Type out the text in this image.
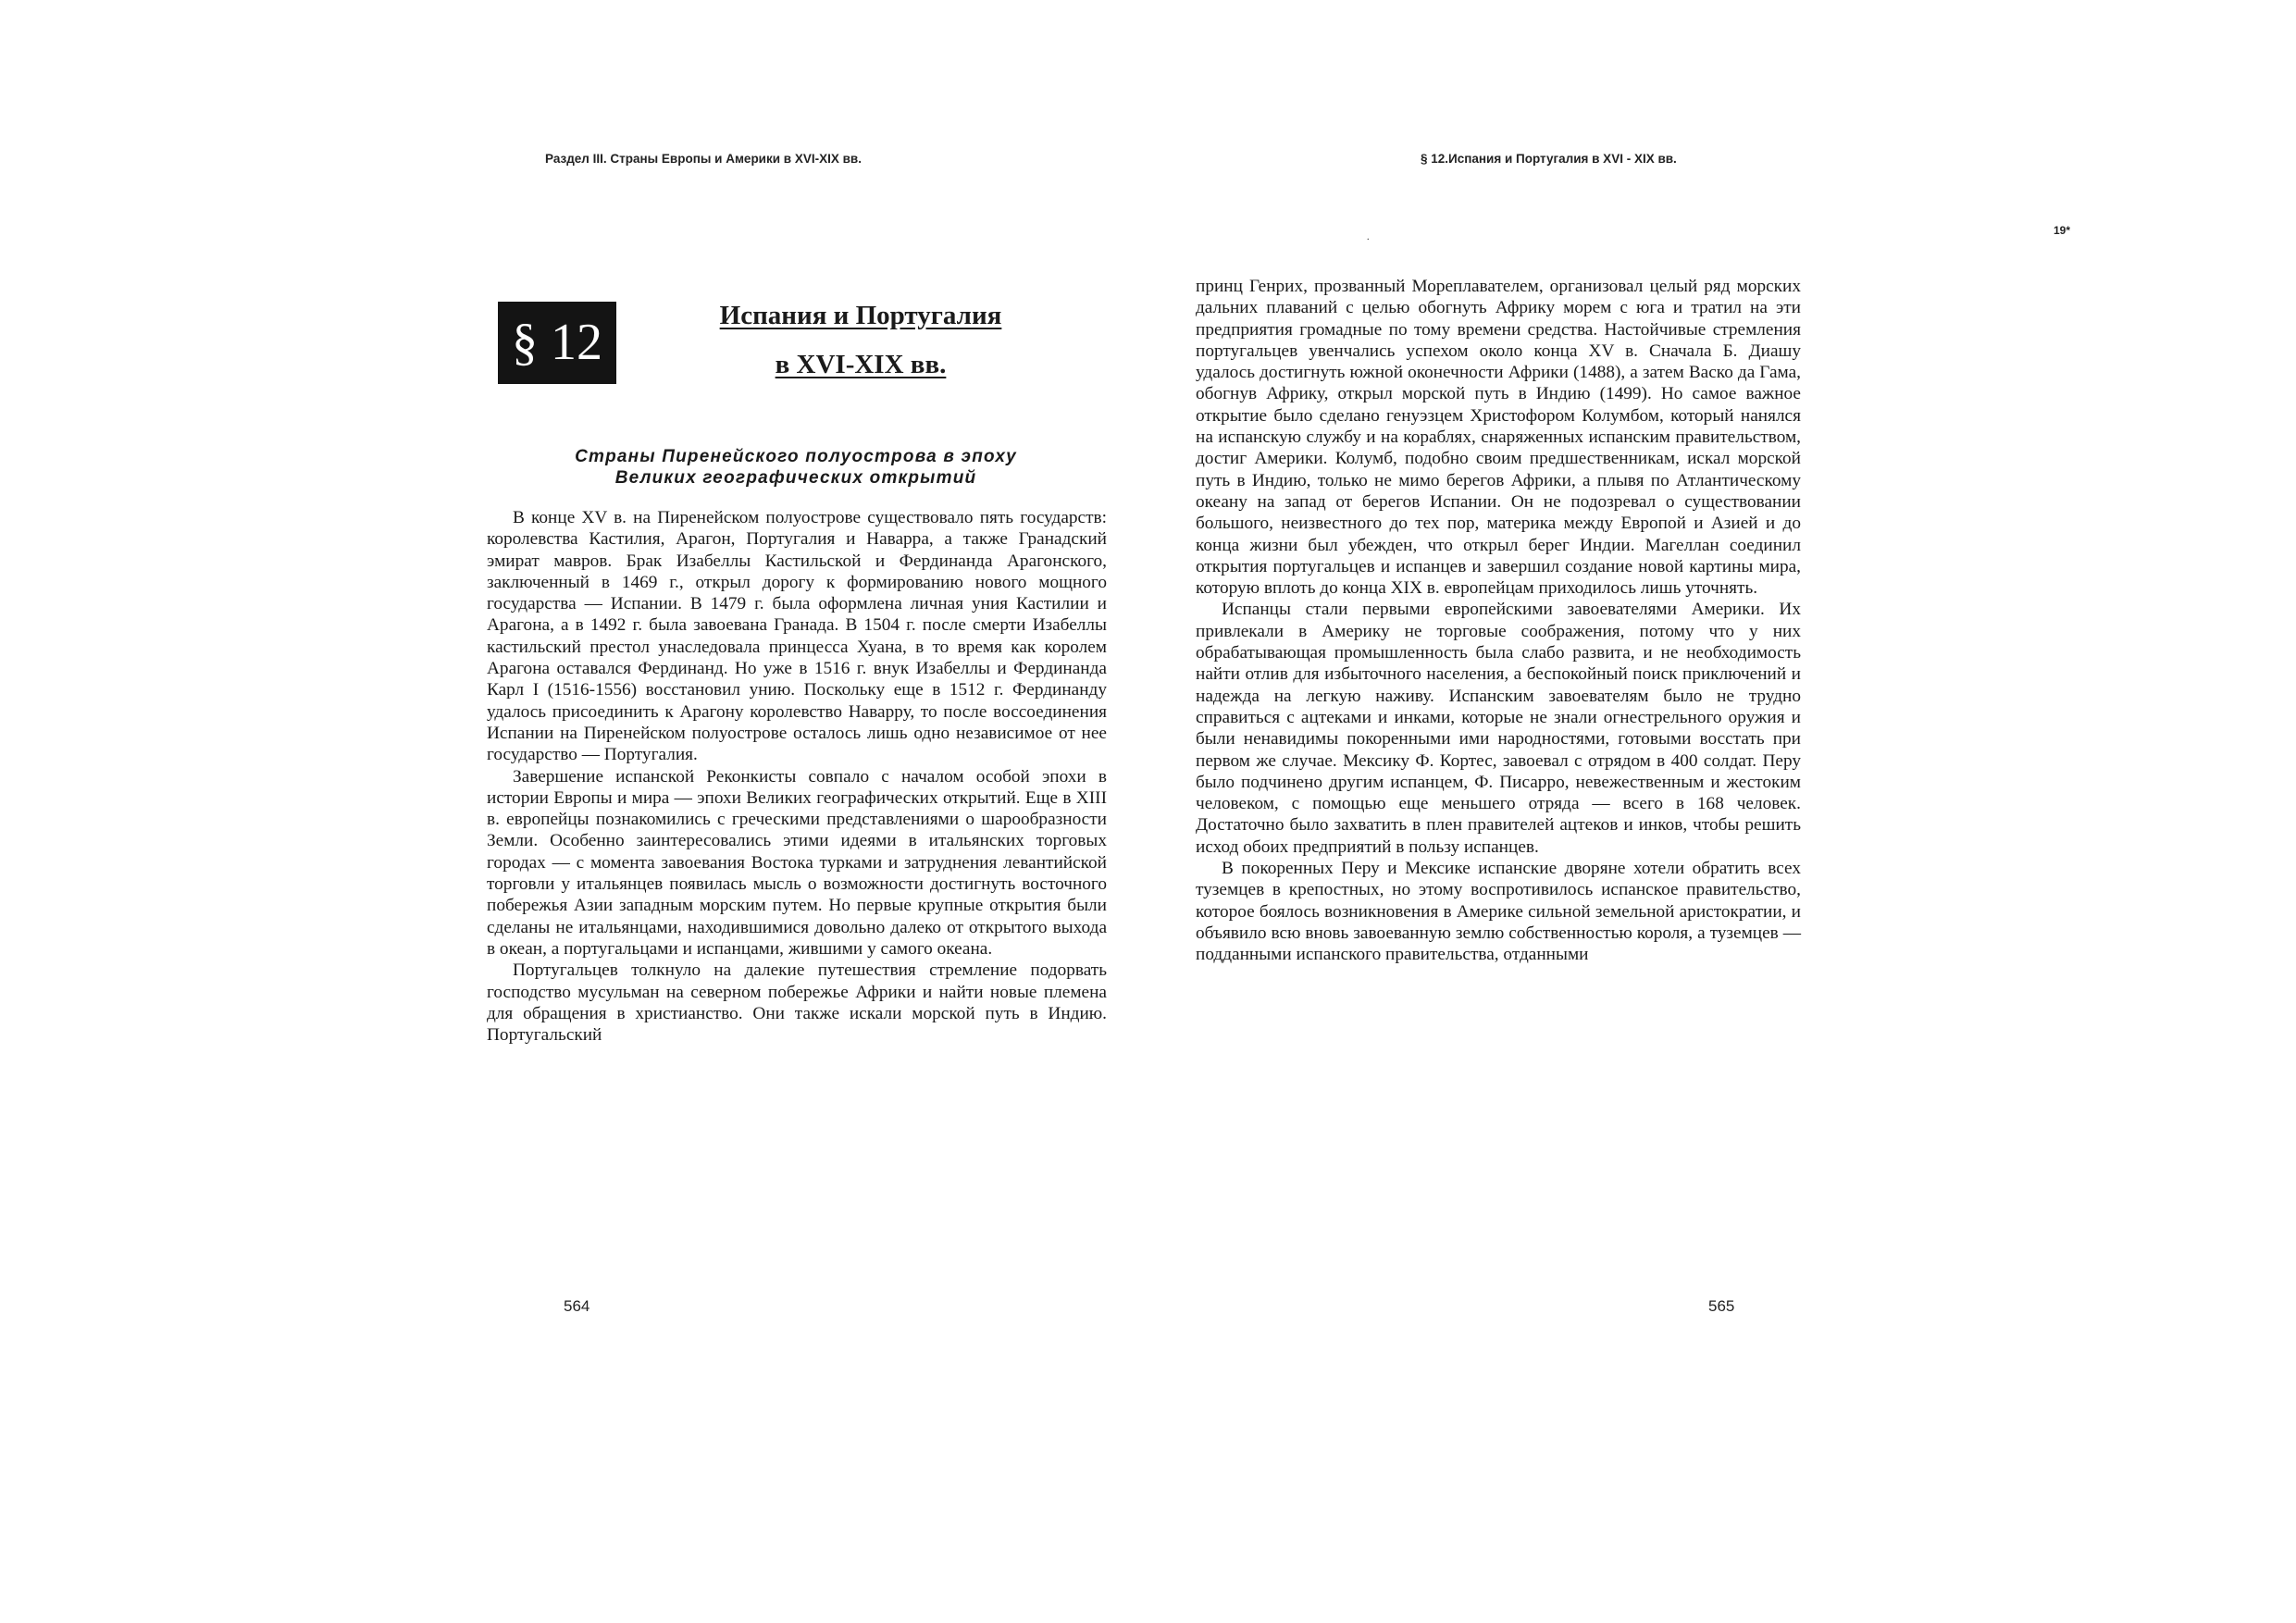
Раздел III. Страны Европы и Америки в XVI-XIX вв.	§ 12.Испания и Португалия в XVI - XIX вв.
19*
.
§ 12	Испания и Португалия
в XVI-XIX вв.
Страны Пиренейского полуострова в эпоху
Великих географических открытий

В конце XV в. на Пиренейском полуострове существовало пять государств: королевства Кастилия, Арагон, Португалия и Наварра, а также Гранадский эмират мавров. Брак Изабеллы Кастильской и Фердинанда Арагонского, заключенный в 1469 г., открыл дорогу к формированию нового мощного государства — Испании. В 1479 г. была оформлена личная уния Кастилии и Арагона, а в 1492 г. была завоевана Гранада. В 1504 г. после смерти Изабеллы кастильский престол унаследовала принцесса Хуана, в то время как королем Арагона оставался Фердинанд. Но уже в 1516 г. внук Изабеллы и Фердинанда Карл I (1516-1556) восстановил унию. Поскольку еще в 1512 г. Фердинанду удалось присоединить к Арагону королевство Наварру, то после воссоединения Испании на Пиренейском полуострове осталось лишь одно независимое от нее государство — Португалия.

Завершение испанской Реконкисты совпало с началом особой эпохи в истории Европы и мира — эпохи Великих географических открытий. Еще в XIII в. европейцы познакомились с греческими представлениями о шарообразности Земли. Особенно заинтересовались этими идеями в итальянских торговых городах — с момента завоевания Востока турками и затруднения левантийской торговли у итальянцев появилась мысль о возможности достигнуть восточного побережья Азии западным морским путем. Но первые крупные открытия были сделаны не итальянцами, находившимися довольно далеко от открытого выхода в океан, а португальцами и испанцами, жившими у самого океана.

Португальцев толкнуло на далекие путешествия стремление подорвать господство мусульман на северном побережье Африки и найти новые племена для обращения в христианство. Они также искали морской путь в Индию. Португальский

принц Генрих, прозванный Мореплавателем, организовал целый ряд морских дальних плаваний с целью обогнуть Африку морем с юга и тратил на эти предприятия громадные по тому времени средства. Настойчивые стремления португальцев увенчались успехом около конца XV в. Сначала Б. Диашу удалось достигнуть южной оконечности Африки (1488), а затем Васко да Гама, обогнув Африку, открыл морской путь в Индию (1499). Но самое важное открытие было сделано генуэзцем Христофором Колумбом, который нанялся на испанскую службу и на кораблях, снаряженных испанским правительством, достиг Америки. Колумб, подобно своим предшественникам, искал морской путь в Индию, только не мимо берегов Африки, а плывя по Атлантическому океану на запад от берегов Испании. Он не подозревал о существовании большого, неизвестного до тех пор, материка между Европой и Азией и до конца жизни был убежден, что открыл берег Индии. Магеллан соединил открытия португальцев и испанцев и завершил создание новой картины мира, которую вплоть до конца XIX в. европейцам приходилось лишь уточнять.

Испанцы стали первыми европейскими завоевателями Америки. Их привлекали в Америку не торговые соображения, потому что у них обрабатывающая промышленность была слабо развита, и не необходимость найти отлив для избыточного населения, а беспокойный поиск приключений и надежда на легкую наживу. Испанским завоевателям было не трудно справиться с ацтеками и инками, которые не знали огнестрельного оружия и были ненавидимы покоренными ими народностями, готовыми восстать при первом же случае. Мексику Ф. Кортес, завоевал с отрядом в 400 солдат. Перу было подчинено другим испанцем, Ф. Писарро, невежественным и жестоким человеком, с помощью еще меньшего отряда — всего в 168 человек. Достаточно было захватить в плен правителей ацтеков и инков, чтобы решить исход обоих предприятий в пользу испанцев.

В покоренных Перу и Мексике испанские дворяне хотели обратить всех туземцев в крепостных, но этому воспротивилось испанское правительство, которое боялось возникновения в Америке сильной земельной аристократии, и объявило всю вновь завоеванную землю собственностью короля, а туземцев — подданными испанского правительства, отданными

564	565
